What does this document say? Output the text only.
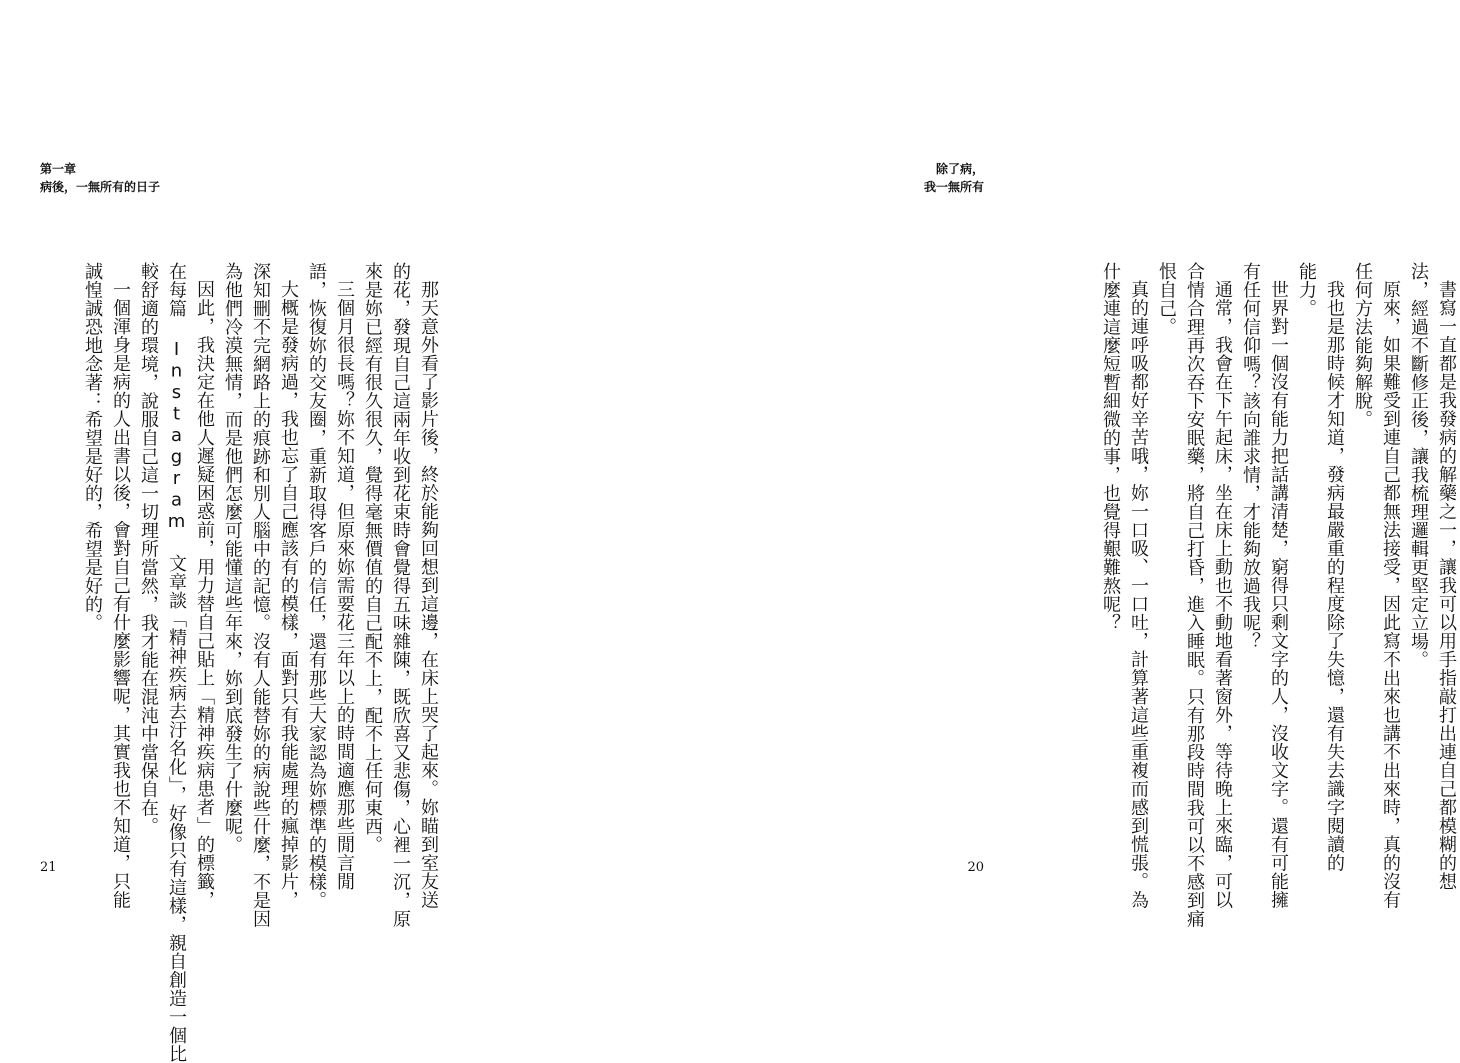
第一章
病後，一無所有的日子

那天意外看了影片後，終於能夠回想到這邊，在床上哭了起來。妳瞄到室友送

的花，發現自己這兩年收到花束時會覺得五味雜陳，既欣喜又悲傷，心裡一沉，原

來是妳已經有很久很久，覺得毫無價值的自己配不上，配不上任何東西。

三個月很長嗎？妳不知道，但原來妳需要花三年以上的時間適應那些閒言閒

語，恢復妳的交友圈，重新取得客戶的信任，還有那些大家認為妳標準的模樣。

大概是發病過，我也忘了自己應該有的模樣，面對只有我能處理的瘋掉影片，

深知刪不完網路上的痕跡和別人腦中的記憶。沒有人能替妳的病說些什麼，不是因

為他們冷漠無情，而是他們怎麼可能懂這些年來，妳到底發生了什麼呢。

因此，我決定在他人遲疑困惑前，用力替自己貼上「精神疾病患者」的標籤，

在每篇 Instagram 文章談「精神疾病去汙名化」，好像只有這樣，親自創造一個比

較舒適的環境，說服自己這一切理所當然，我才能在混沌中當保自在。

一個渾身是病的人出書以後，會對自己有什麼影響呢，其實我也不知道，只能

誠惶誠恐地念著：希望是好的，希望是好的。

21
除了病，
我一無所有

書寫一直都是我發病的解藥之一，讓我可以用手指敲打出連自己都模糊的想

法，經過不斷修正後，讓我梳理邏輯更堅定立場。

原來，如果難受到連自己都無法接受，因此寫不出來也講不出來時，真的沒有

任何方法能夠解脫。

我也是那時候才知道，發病最嚴重的程度除了失憶，還有失去識字閱讀的

能力。

世界對一個沒有能力把話講清楚，窮得只剩文字的人，沒收文字。還有可能擁

有任何信仰嗎？該向誰求情，才能夠放過我呢？

通常，我會在下午起床，坐在床上動也不動地看著窗外，等待晚上來臨，可以

合情合理再次吞下安眠藥，將自己打昏，進入睡眠。只有那段時間我可以不感到痛

恨自己。

真的連呼吸都好辛苦哦，妳一口吸、一口吐，計算著這些重複而感到慌張。為

什麼連這麼短暫細微的事，也覺得艱難熬呢？

20
